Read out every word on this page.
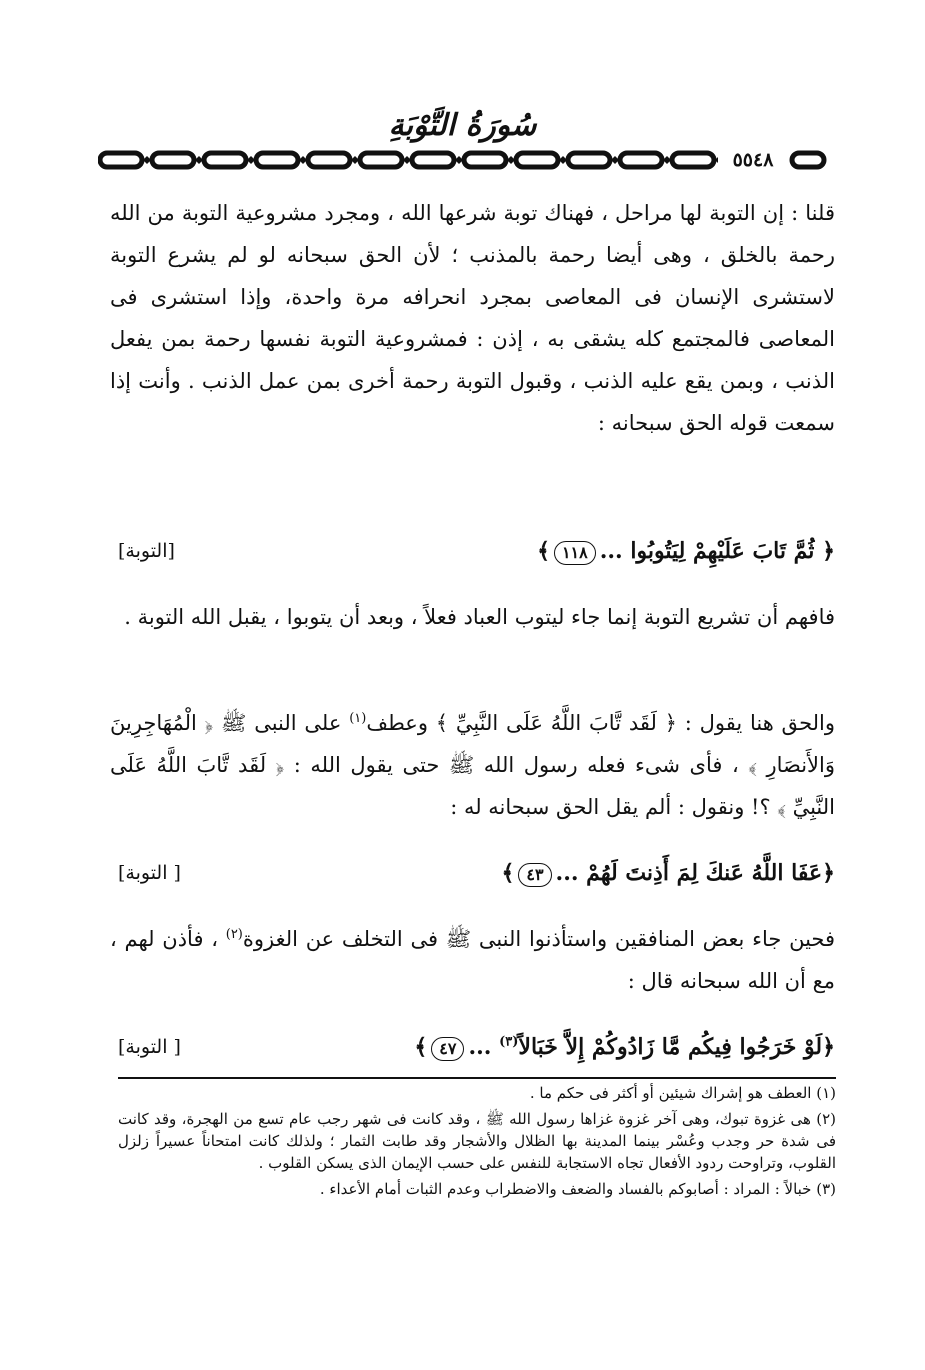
سُورَةُ التَّوْبَةِ
٥٥٤٨

قلنا : إن التوبة لها مراحل ، فهناك توبة شرعها الله ، ومجرد مشروعية التوبة من الله رحمة بالخلق ، وهى أيضا رحمة بالمذنب ؛ لأن الحق سبحانه لو لم يشرع التوبة لاستشرى الإنسان فى المعاصى بمجرد انحرافه مرة واحدة، وإذا استشرى فى المعاصى فالمجتمع كله يشقى به ، إذن : فمشروعية التوبة نفسها رحمة بمن يفعل الذنب ، وبمن يقع عليه الذنب ، وقبول التوبة رحمة أخرى بمن عمل الذنب . وأنت إذا سمعت قوله الحق سبحانه :

﴿ ثُمَّ تَابَ عَلَيْهِمْ لِيَتُوبُوا ...١١٨﴾
[التوبة]

فافهم أن تشريع التوبة إنما جاء ليتوب العباد فعلاً ، وبعد أن يتوبوا ، يقبل الله التوبة .

والحق هنا يقول : ﴿ لَقَد تَّابَ اللَّهُ عَلَى النَّبِيِّ ﴾ وعطف$^{(١)}$ على النبى ﷺ ﴿ الْمُهَاجِرِينَ وَالأَنصَارِ ﴾ ، فأى شىء فعله رسول الله ﷺ حتى يقول الله : ﴿ لَقَد تَّابَ اللَّهُ عَلَى النَّبِيِّ ﴾ ؟! ونقول : ألم يقل الحق سبحانه له :

﴿عَفَا اللَّهُ عَنكَ لِمَ أَذِنتَ لَهُمْ ...٤٣﴾
[ التوبة]

فحين جاء بعض المنافقين واستأذنوا النبى ﷺ فى التخلف عن الغزوة$^{(٢)}$ ، فأذن لهم ، مع أن الله سبحانه قال :

﴿لَوْ خَرَجُوا فِيكُم مَّا زَادُوكُمْ إِلاَّ خَبَالاً$^{(٣)}$ ...٤٧﴾
[ التوبة]

(١) العطف هو إشراك شيئين أو أكثر فى حكم ما .

(٢) هى غزوة تبوك، وهى آخر غزوة غزاها رسول الله ﷺ ، وقد كانت فى شهر رجب عام تسع من الهجرة، وقد كانت فى شدة حر وجدب وعُسْر بينما المدينة بها الظلال والأشجار وقد طابت الثمار ؛ ولذلك كانت امتحاناً عسيراً زلزل القلوب، وتراوحت ردود الأفعال تجاه الاستجابة للنفس على حسب الإيمان الذى يسكن القلوب .

(٣) خبالاً : المراد : أصابوكم بالفساد والضعف والاضطراب وعدم الثبات أمام الأعداء .
